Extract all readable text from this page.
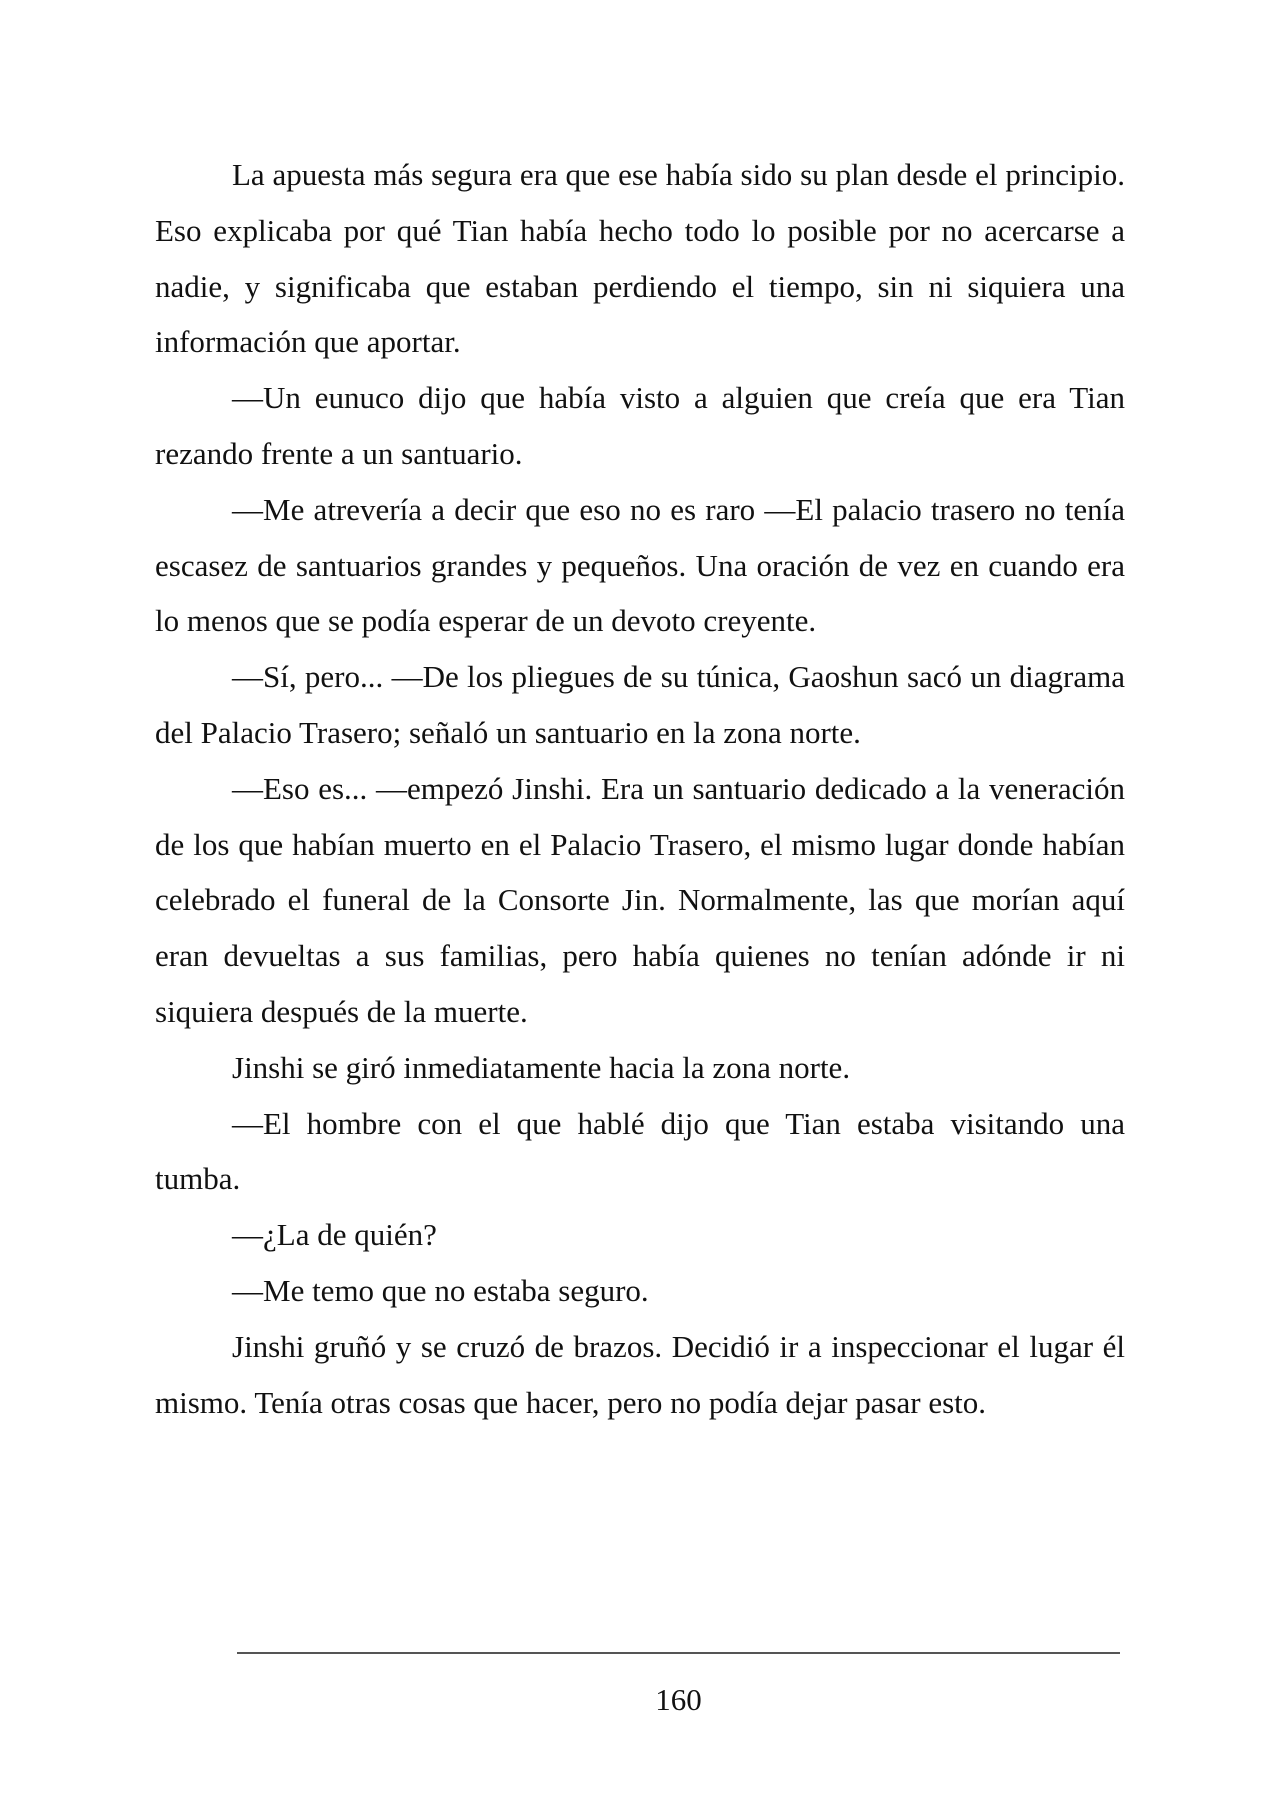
La apuesta más segura era que ese había sido su plan desde el principio. Eso explicaba por qué Tian había hecho todo lo posible por no acercarse a nadie, y significaba que estaban perdiendo el tiempo, sin ni siquiera una información que aportar.

—Un eunuco dijo que había visto a alguien que creía que era Tian rezando frente a un santuario.

—Me atrevería a decir que eso no es raro —El palacio trasero no tenía escasez de santuarios grandes y pequeños. Una oración de vez en cuando era lo menos que se podía esperar de un devoto creyente.

—Sí, pero... —De los pliegues de su túnica, Gaoshun sacó un diagrama del Palacio Trasero; señaló un santuario en la zona norte.

—Eso es... —empezó Jinshi. Era un santuario dedicado a la veneración de los que habían muerto en el Palacio Trasero, el mismo lugar donde habían celebrado el funeral de la Consorte Jin. Normalmente, las que morían aquí eran devueltas a sus familias, pero había quienes no tenían adónde ir ni siquiera después de la muerte.

Jinshi se giró inmediatamente hacia la zona norte.

—El hombre con el que hablé dijo que Tian estaba visitando una tumba.

—¿La de quién?

—Me temo que no estaba seguro.

Jinshi gruñó y se cruzó de brazos. Decidió ir a inspeccionar el lugar él mismo. Tenía otras cosas que hacer, pero no podía dejar pasar esto.

160
